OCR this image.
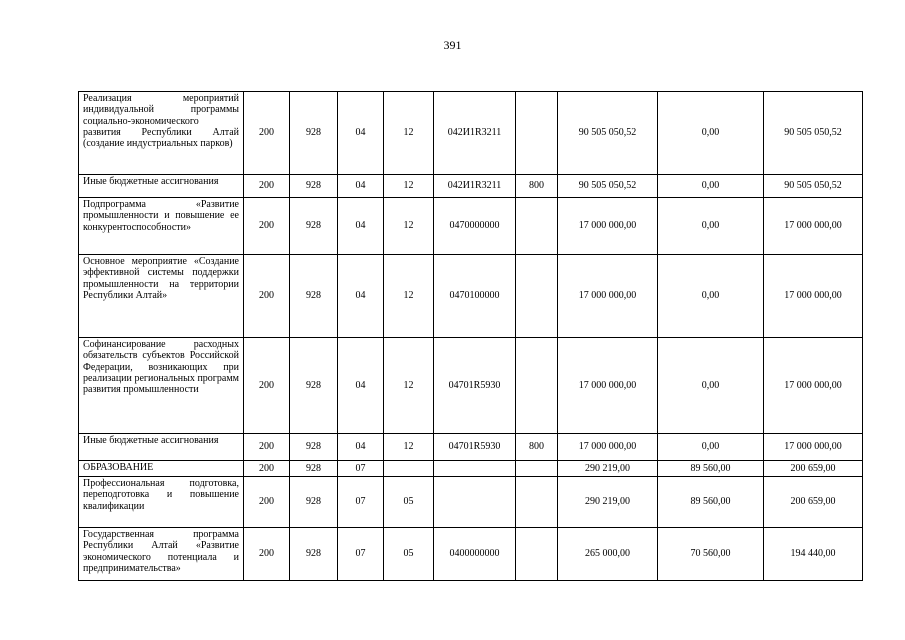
391
Реализация мероприятий индивидуальной программы социально-экономического развития Республики Алтай (создание индустриальных парков)	200	928	04	12	042И1R3211		90 505 050,52	0,00	90 505 050,52
Иные бюджетные ассигнования	200	928	04	12	042И1R3211	800	90 505 050,52	0,00	90 505 050,52
Подпрограмма «Развитие промышленности и повышение ее конкурентоспособности»	200	928	04	12	0470000000		17 000 000,00	0,00	17 000 000,00
Основное мероприятие «Создание эффективной системы поддержки промышленности на территории Республики Алтай»	200	928	04	12	0470100000		17 000 000,00	0,00	17 000 000,00
Софинансирование расходных обязательств субъектов Российской Федерации, возникающих при реализации региональных программ развития промышленности	200	928	04	12	04701R5930		17 000 000,00	0,00	17 000 000,00
Иные бюджетные ассигнования	200	928	04	12	04701R5930	800	17 000 000,00	0,00	17 000 000,00
ОБРАЗОВАНИЕ	200	928	07				290 219,00	89 560,00	200 659,00
Профессиональная подготовка, переподготовка и повышение квалификации	200	928	07	05			290 219,00	89 560,00	200 659,00
Государственная программа Республики Алтай «Развитие экономического потенциала и предпринимательства»	200	928	07	05	0400000000		265 000,00	70 560,00	194 440,00
